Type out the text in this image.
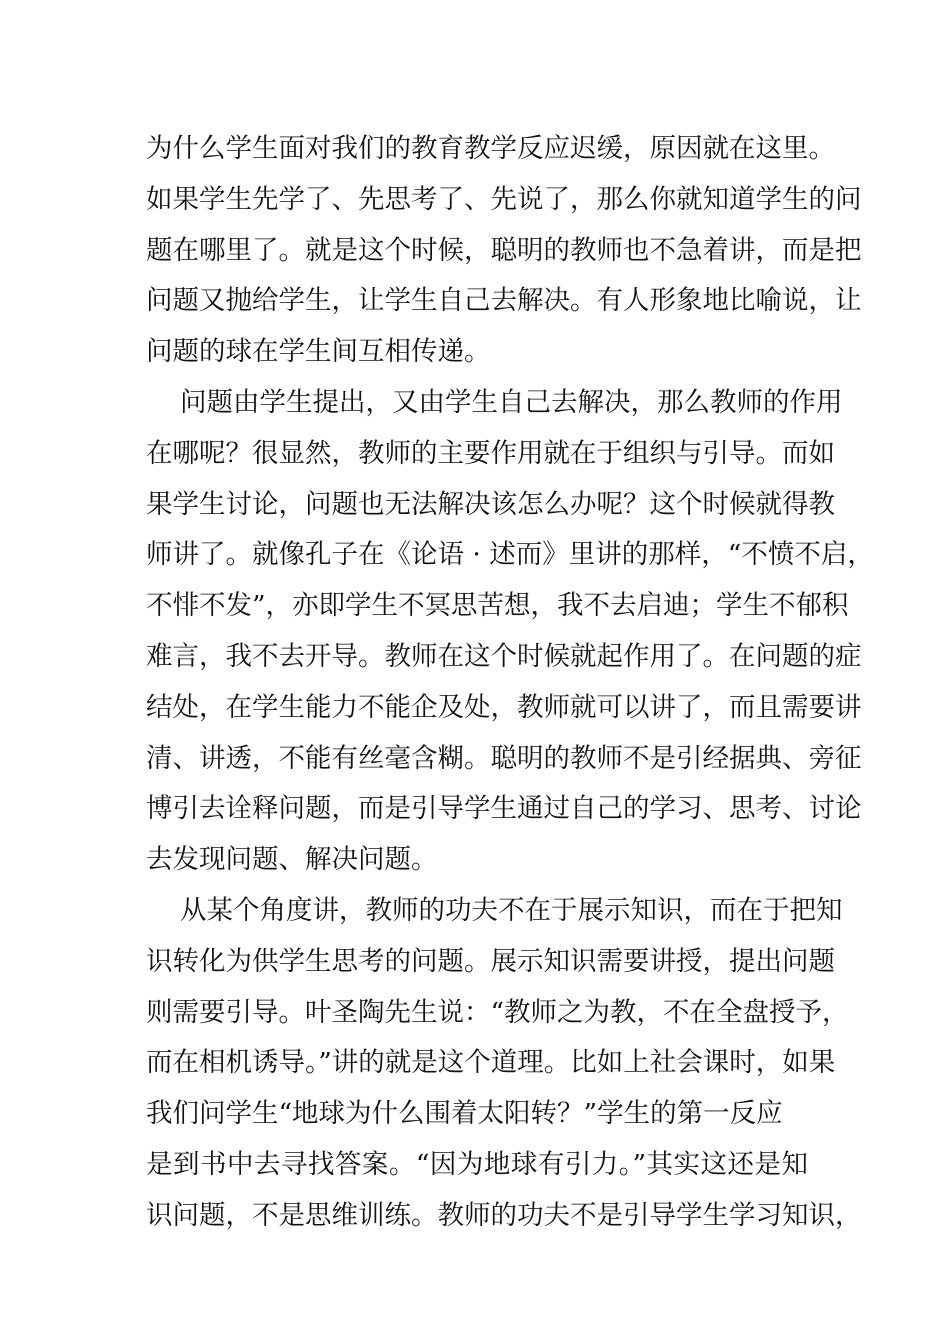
为什么学生面对我们的教育教学反应迟缓，原因就在这里。
如果学生先学了、先思考了、先说了，那么你就知道学生的问
题在哪里了。就是这个时候，聪明的教师也不急着讲，而是把
问题又抛给学生，让学生自己去解决。有人形象地比喻说，让
问题的球在学生间互相传递。
问题由学生提出，又由学生自己去解决，那么教师的作用
在哪呢？很显然，教师的主要作用就在于组织与引导。而如
果学生讨论，问题也无法解决该怎么办呢？这个时候就得教
师讲了。就像孔子在《论语 · 述而》里讲的那样，“不愤不启，
不悱不发”，亦即学生不冥思苦想，我不去启迪；学生不郁积
难言，我不去开导。教师在这个时候就起作用了。在问题的症
结处，在学生能力不能企及处，教师就可以讲了，而且需要讲
清、讲透，不能有丝毫含糊。聪明的教师不是引经据典、旁征
博引去诠释问题，而是引导学生通过自己的学习、思考、讨论
去发现问题、解决问题。
从某个角度讲，教师的功夫不在于展示知识，而在于把知
识转化为供学生思考的问题。展示知识需要讲授，提出问题
则需要引导。叶圣陶先生说：“教师之为教，不在全盘授予，
而在相机诱导。”讲的就是这个道理。比如上社会课时，如果
我们问学生“地球为什么围着太阳转？”学生的第一反应
是到书中去寻找答案。“因为地球有引力。”其实这还是知
识问题，不是思维训练。教师的功夫不是引导学生学习知识，
